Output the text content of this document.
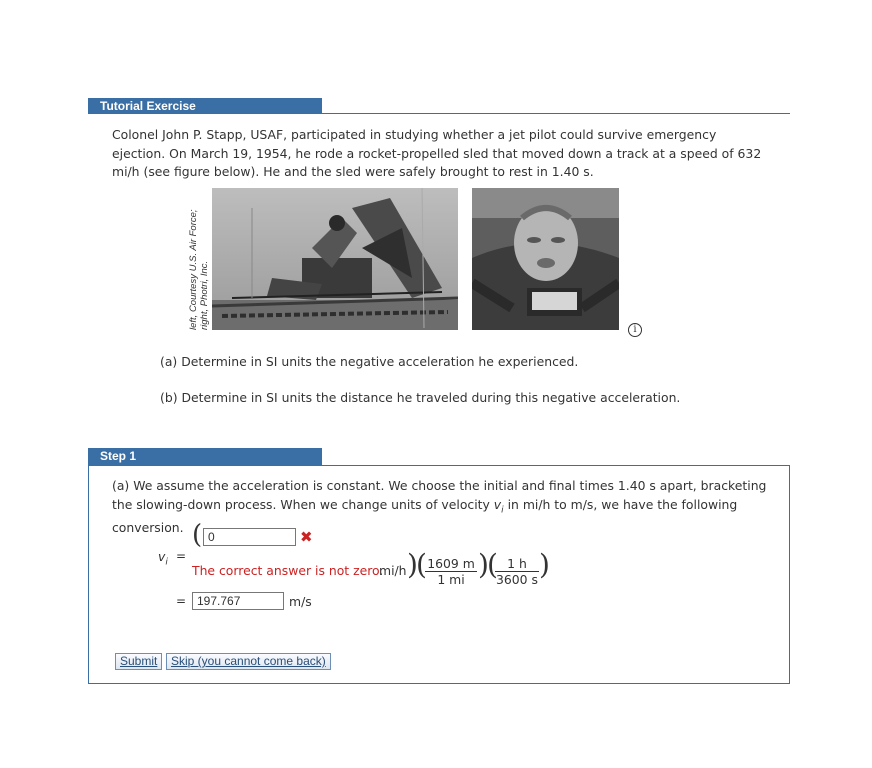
Tutorial Exercise
Colonel John P. Stapp, USAF, participated in studying whether a jet pilot could survive emergency ejection. On March 19, 1954, he rode a rocket-propelled sled that moved down a track at a speed of 632 mi/h (see figure below). He and the sled were safely brought to rest in 1.40 s.
left, Courtesy U.S. Air Force; right, Photri, Inc.	i
(a) Determine in SI units the negative acceleration he experienced.
(b) Determine in SI units the distance he traveled during this negative acceleration.
Step 1
(a) We assume the acceleration is constant. We choose the initial and final times 1.40 s apart, bracketing the slowing-down process. When we change units of velocity $v_i$ in mi/h to m/s, we have the following conversion.
$v_i$ =
(
0	✖
The correct answer is not zero.
mi/h )
(
$\frac{1609 m}{1 mi}$ )
(
$\frac{1 h}{3600 s}$ )
=
197.767	m/s
Submit	Skip (you cannot come back)
